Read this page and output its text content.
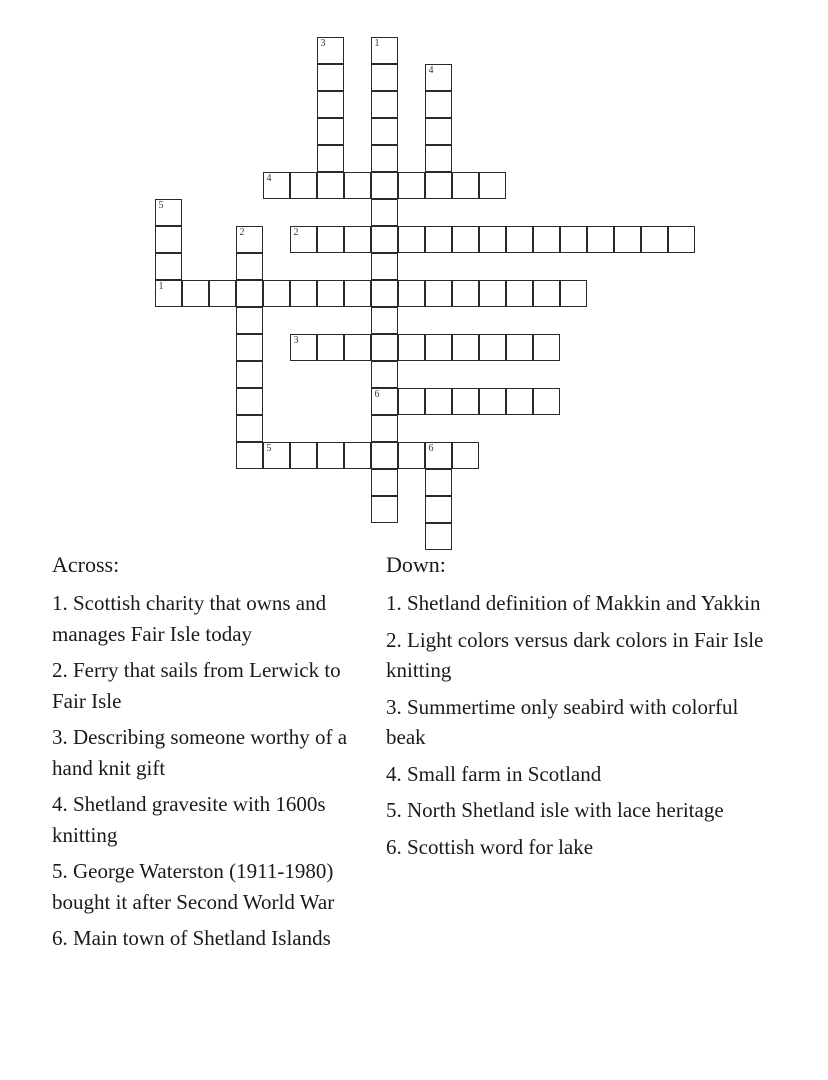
3	1
4
4
5
2	2
1
3
6
5	6
Across:
1. Scottish charity that owns and manages Fair Isle today
2. Ferry that sails from Lerwick to Fair Isle
3. Describing someone worthy of a hand knit gift
4. Shetland gravesite with 1600s knitting
5. George Waterston (1911-1980) bought it after Second World War
6. Main town of Shetland Islands
Down:
1. Shetland definition of Makkin and Yakkin
2. Light colors versus dark colors in Fair Isle knitting
3. Summertime only seabird with colorful beak
4. Small farm in Scotland
5. North Shetland isle with lace heritage
6. Scottish word for lake
